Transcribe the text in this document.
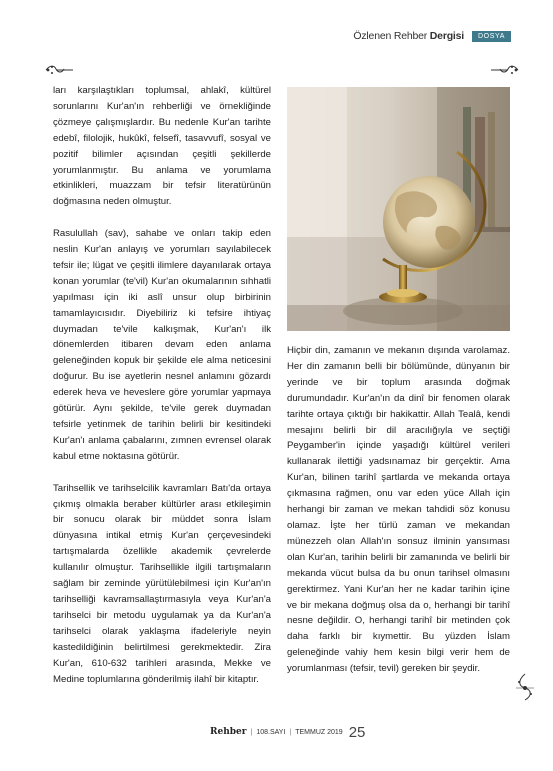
Özlenen Rehber Dergisi	DOSYA

ları karşılaştıkları toplumsal, ahlakî, kültürel sorunlarını Kur'an'ın rehberliği ve örnekliğinde çözmeye çalışmışlardır. Bu nedenle Kur'an tarihte edebî, filolojik, hukûkî, felsefî, tasavvufî, sosyal ve pozitif bilimler açısından çeşitli şekillerde yorumlanmıştır. Bu anlama ve yorumlama etkinlikleri, muazzam bir tefsir literatürünün doğmasına neden olmuştur.

Rasulullah (sav), sahabe ve onları takip eden neslin Kur'an anlayış ve yorumları sayılabilecek tefsir ile; lügat ve çeşitli ilimlere dayanılarak ortaya konan yorumlar (te'vil) Kur'an okumalarının sıhhatli yapılması için iki aslî unsur olup birbirinin tamamlayıcısıdır. Diyebiliriz ki tefsire ihtiyaç duymadan te'vile kalkışmak, Kur'an'ı ilk dönemlerden itibaren devam eden anlama geleneğinden kopuk bir şekilde ele alma neticesini doğurur. Bu ise ayetlerin nesnel anlamını gözardı ederek heva ve heveslere göre yorumlar yapmaya götürür. Aynı şekilde, te'vile gerek duymadan tefsirle yetinmek de tarihin belirli bir kesitindeki Kur'an'ı anlama çabalarını, zımnen evrensel olarak kabul etme noktasına götürür.

Tarihsellik ve tarihselcilik kavramları Batı'da ortaya çıkmış olmakla beraber kültürler arası etkileşimin bir sonucu olarak bir müddet sonra İslam dünyasına intikal etmiş Kur'an çerçevesindeki tartışmalarda özellikle akademik çevrelerde kullanılır olmuştur. Tarihsellikle ilgili tartışmaların sağlam bir zeminde yürütülebilmesi için Kur'an'ın tarihselliği kavramsallaştırmasıyla veya Kur'an'a tarihselci bir metodu uygulamak ya da Kur'an'a tarihselci olarak yaklaşma ifadeleriyle neyin kastedildiğinin belirtilmesi gerekmektedir. Zira Kur'an, 610-632 tarihleri arasında, Mekke ve Medine toplumlarına gönderilmiş ilahî bir kitaptır.

Hiçbir din, zamanın ve mekanın dışında varolamaz. Her din zamanın belli bir bölümünde, dünyanın bir yerinde ve bir toplum arasında doğmak durumundadır. Kur'an'ın da dinî bir fenomen olarak tarihte ortaya çıktığı bir hakikattir. Allah Tealâ, kendi mesajını belirli bir dil aracılığıyla ve seçtiği Peygamber'in içinde yaşadığı kültürel verileri kullanarak ilettiği yadsınamaz bir gerçektir. Ama Kur'an, bilinen tarihî şartlarda ve mekanda ortaya çıkmasına rağmen, onu var eden yüce Allah için herhangi bir zaman ve mekan tahdidi söz konusu olamaz. İşte her türlü zaman ve mekandan münezzeh olan Allah'ın sonsuz ilminin yansıması olan Kur'an, tarihin belirli bir zamanında ve belirli bir mekanda vücut bulsa da bu onun tarihsel olmasını gerektirmez. Yani Kur'an her ne kadar tarihin içine ve bir mekana doğmuş olsa da o, herhangi bir tarihî nesne değildir. O, herhangi tarihî bir metinden çok daha farklı bir kıymettir. Bu yüzden İslam geleneğinde vahiy hem kesin bilgi verir hem de yorumlanması (tefsir, tevil) gereken bir şeydir.

Rehber | 108.SAYI | TEMMUZ 2019 25
